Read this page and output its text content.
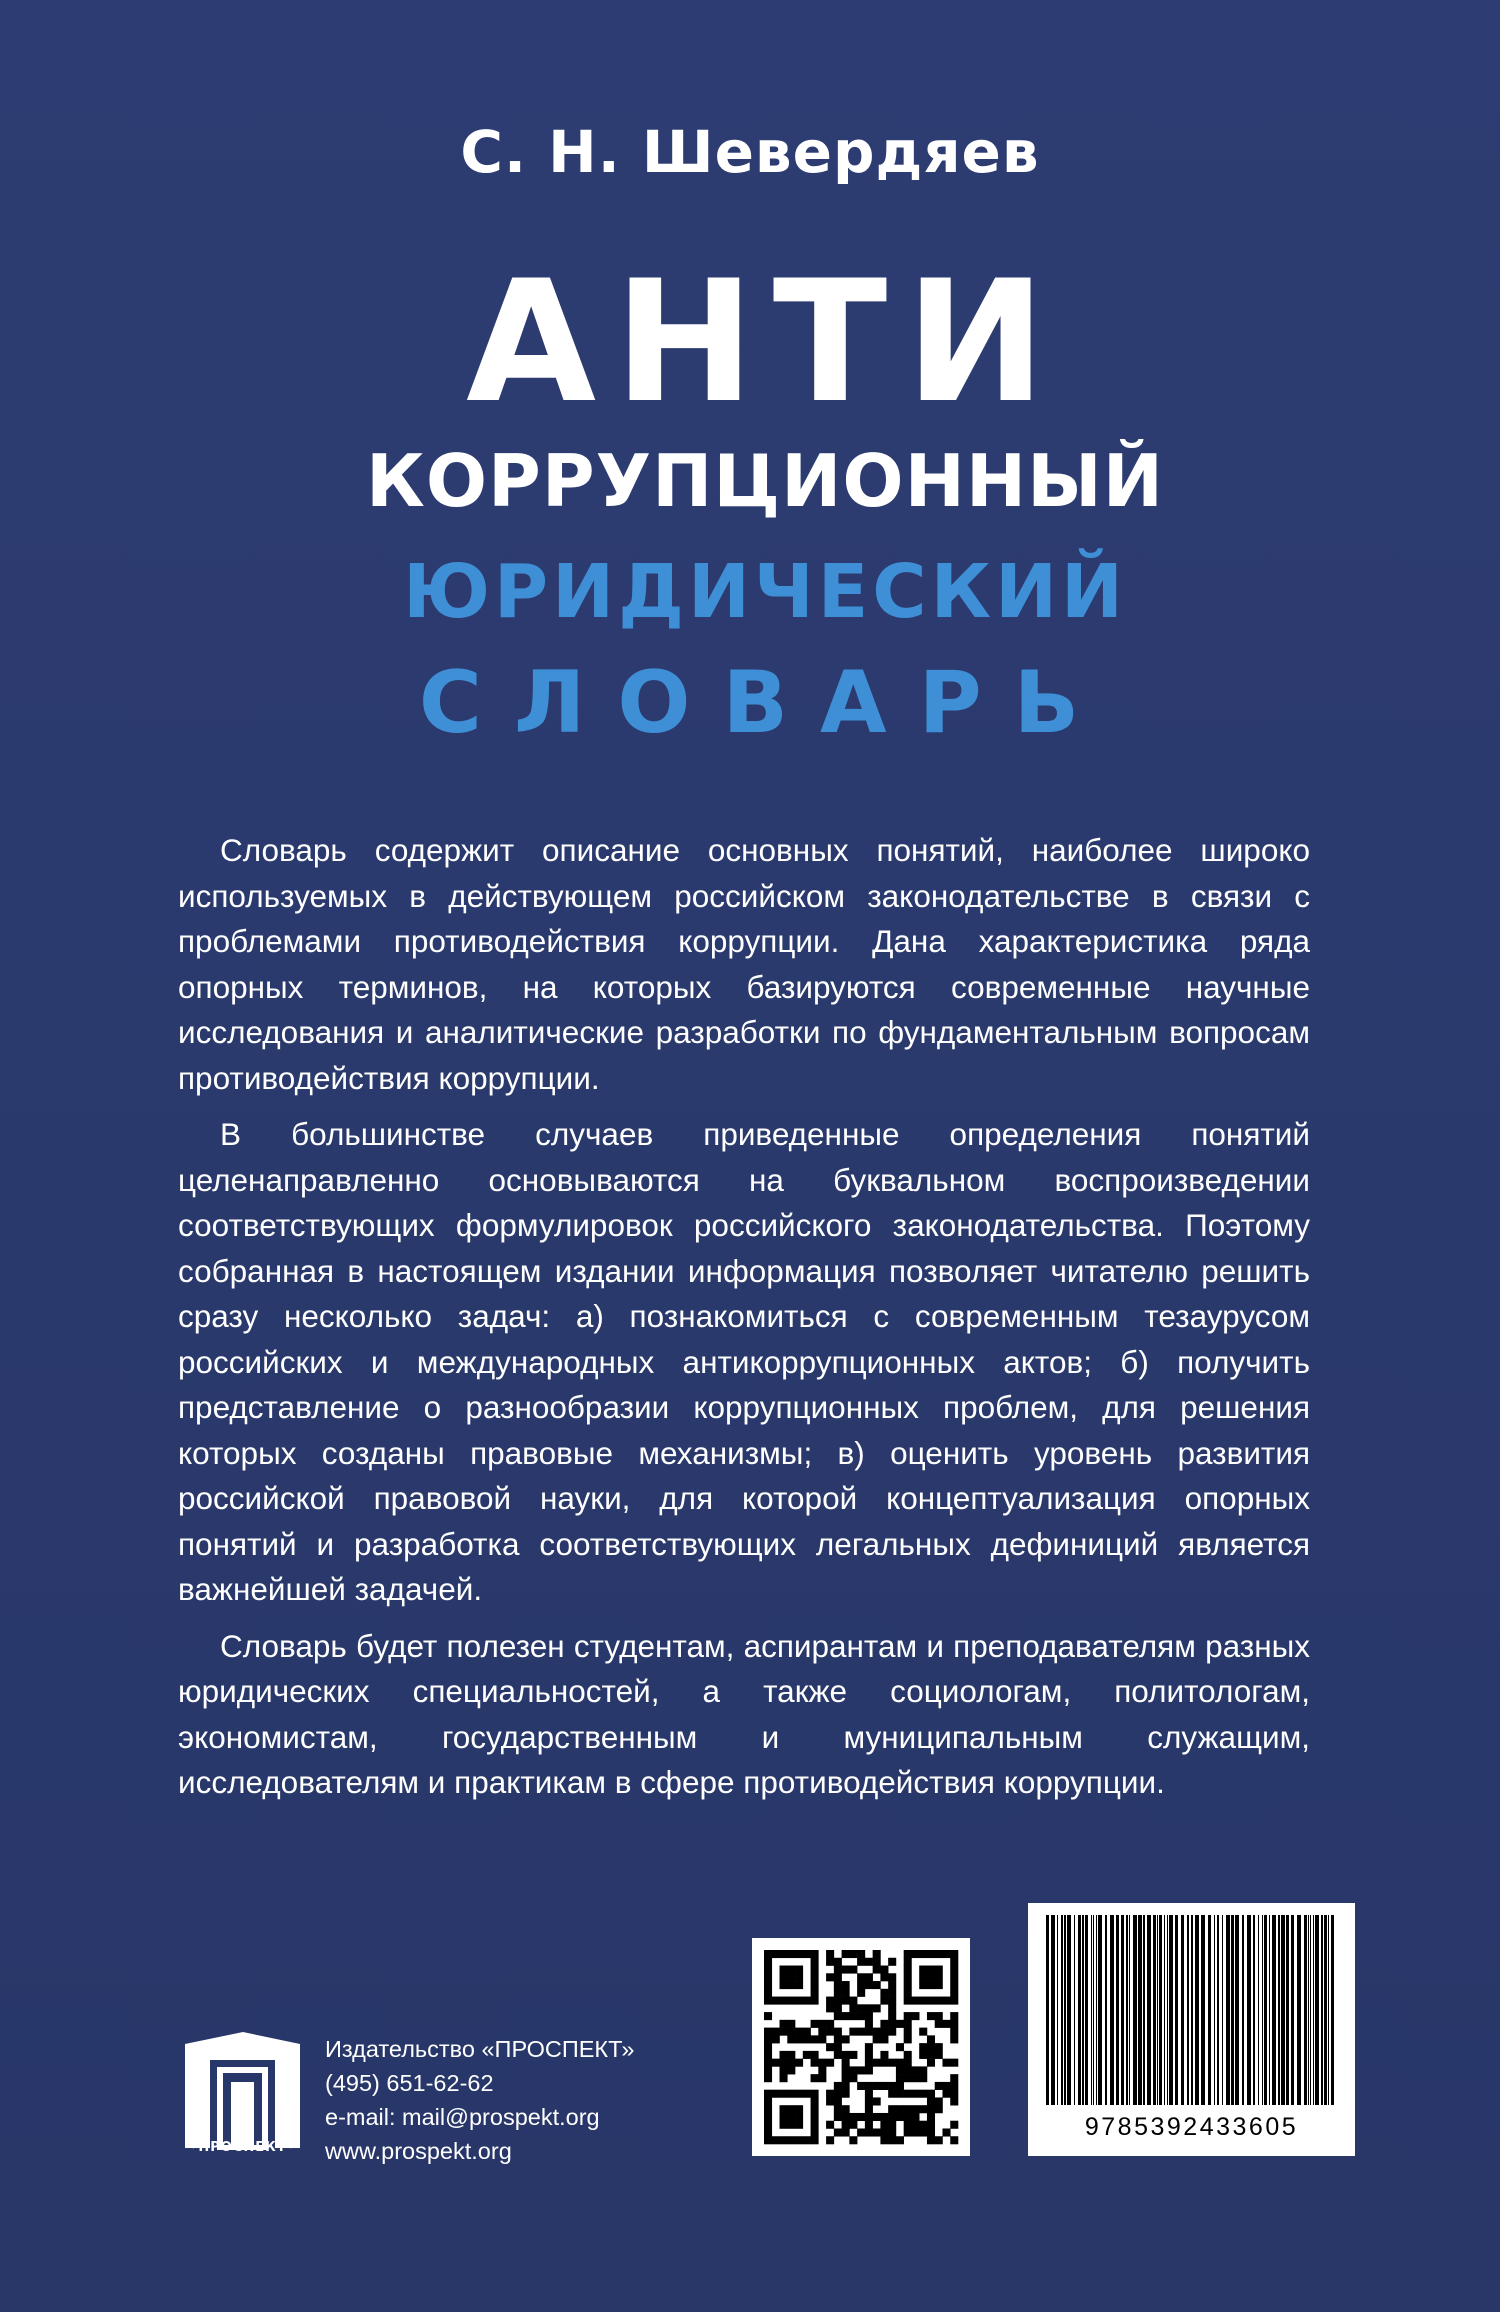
С. Н. Шевердяев
АНТИ
КОРРУПЦИОННЫЙ
ЮРИДИЧЕСКИЙ
СЛОВАРЬ

Словарь содержит описание основных понятий, наиболее широко используемых в действующем российском законодательстве в связи с проблемами противодействия коррупции. Дана характеристика ряда опорных терминов, на которых базируются современные научные исследования и аналитические разработки по фундаментальным вопросам противодействия коррупции.

В большинстве случаев приведенные определения понятий целенаправленно основываются на буквальном воспроизведении соответствующих формулировок российского законодательства. Поэтому собранная в настоящем издании информация позволяет читателю решить сразу несколько задач: а) познакомиться с современным тезаурусом российских и международных антикоррупционных актов; б) получить представление о разнообразии коррупционных проблем, для решения которых созданы правовые механизмы; в) оценить уровень развития российской правовой науки, для которой концептуализация опорных понятий и разработка соответствующих легальных дефиниций является важнейшей задачей.

Словарь будет полезен студентам, аспирантам и преподавателям разных юридических специальностей, а также социологам, политологам, экономистам, государственным и муниципальным служащим, исследователям и практикам в сфере противодействия коррупции.

•ПРОСПЕКТ•
Издательство «ПРОСПЕКТ»
(495) 651-62-62
e-mail: mail@prospekt.org
www.prospekt.org
9785392433605
